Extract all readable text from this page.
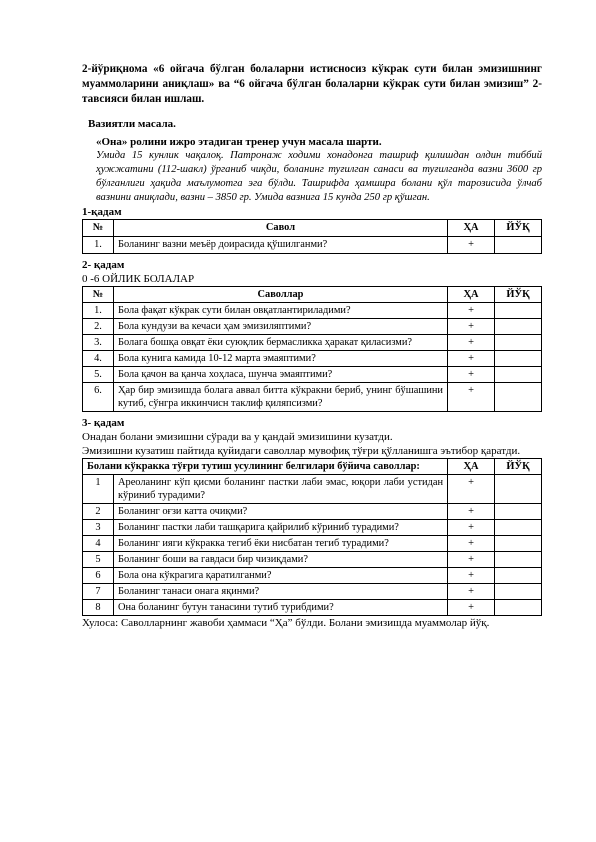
2-йўриқнома «6 ойгача бўлган болаларни истисносиз кўкрак сути билан эмизишнинг муаммоларини аниқлаш» ва “6 ойгача бўлган болаларни кўкрак сути билан эмизиш” 2-тавсияси билан ишлаш.
Вазиятли масала.
«Она» ролини ижро этадиган тренер учун масала шарти.
Умида 15 кунлик чақалоқ. Патронаж ходими хонадонга ташриф қилишдан олдин тиббий ҳужжатини (112-шакл) ўрганиб чиқди, боланинг туғилган санаси ва туғилганда вазни 3600 гр бўлганлиги ҳақида маълумотга эга бўлди. Ташрифда ҳамшира болани қўл тарозисида ўлчаб вазнини аниқлади, вазни – 3850 гр. Умида вазнига 15 кунда 250 гр қўшган.
1-қадам
№	Савол	ҲА	ЙЎҚ
1.	Боланинг вазни меъёр доирасида қўшилганми?	+	
2- қадам
0 -6 ОЙЛИК БОЛАЛАР
№	Саволлар	ҲА	ЙЎҚ
1.	Бола фақат кўкрак сути билан овқатлантириладими?	+	
2.	Бола кундузи ва кечаси ҳам эмизиляптими?	+	
3.	Болага бошқа овқат ёки суюқлик бермасликка ҳаракат қиласизми?	+	
4.	Бола кунига камида 10-12 марта эмаяптими?	+	
5.	Бола қачон ва қанча хоҳласа, шунча эмаяптими?	+	
6.	Ҳар бир эмизишда болага аввал битта кўкракни бериб, унинг бўшашини кутиб, сўнгра иккинчисн таклиф қиляпсизми?	+	
3- қадам
Онадан болани эмизишни сўради ва у қандай эмизишини кузатди.
Эмизишни кузатиш пайтида қуйидаги саволлар мувофиқ тўғри қўлланишга эътибор қаратди.
Болани кўкракка тўғри тутиш усулининг белгилари бўйича саволлар:		ҲА	ЙЎҚ
1	Ареоланинг кўп қисми боланинг пастки лаби эмас, юқори лаби устидан кўриниб турадими?	+	
2	Боланинг оғзи катта очиқми?	+	
3	Боланинг пастки лаби ташқарига қайрилиб кўриниб турадими?	+	
4	Боланинг ияги кўкракка тегиб ёки нисбатан тегиб турадими?	+	
5	Боланинг боши ва гавдаси бир чизиқдами?	+	
6	Бола она кўкрагига қаратилганми?	+	
7	Боланинг танаси онага яқинми?	+	
8	Она боланинг бутун танасини тутиб турибдими?	+	
Хулоса: Саволларнинг жавоби ҳаммаси “Ҳа” бўлди. Болани эмизишда муаммолар йўқ.
